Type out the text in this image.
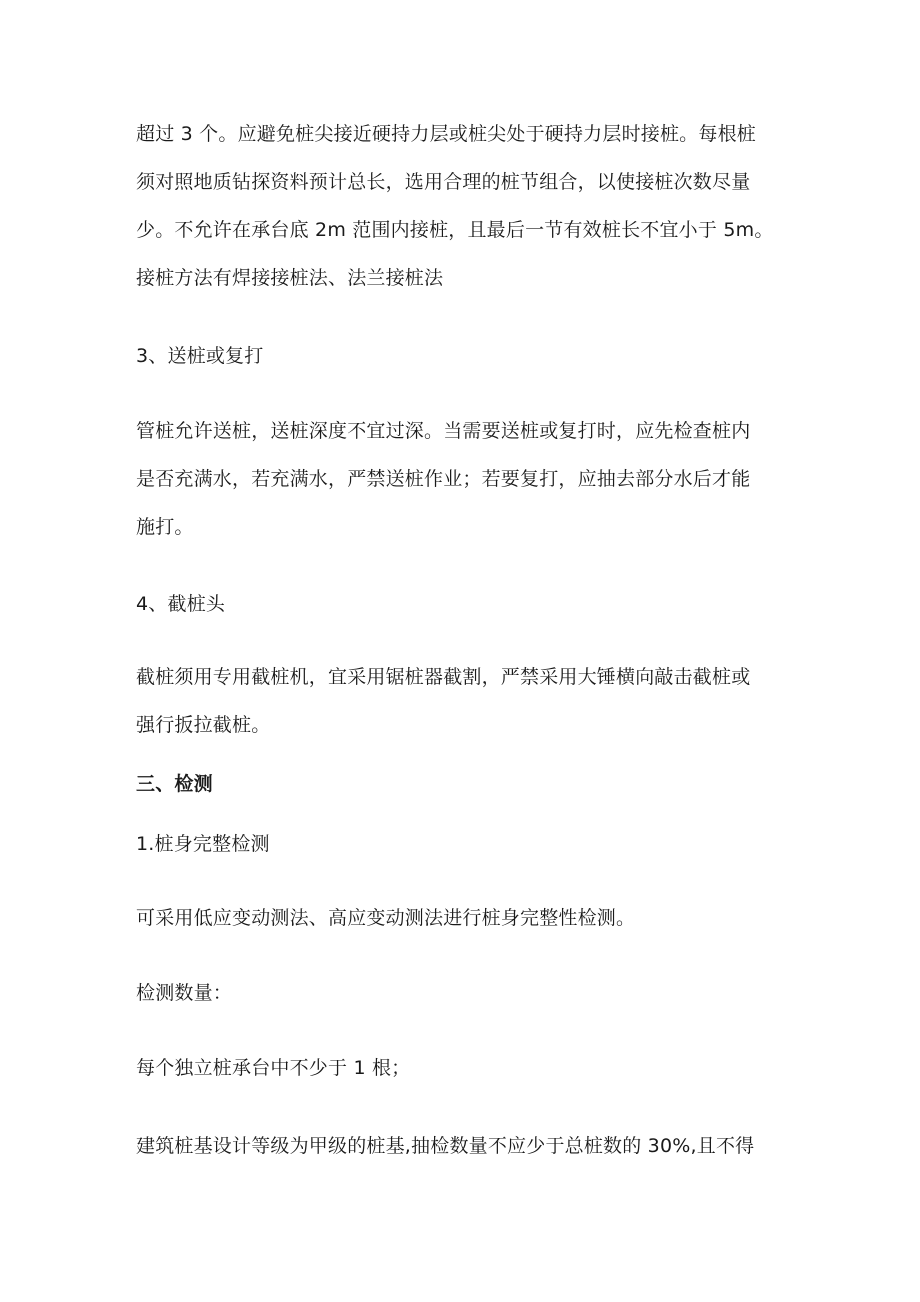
超过 3 个。应避免桩尖接近硬持力层或桩尖处于硬持力层时接桩。每根桩
须对照地质钻探资料预计总长，选用合理的桩节组合，以使接桩次数尽量
少。不允许在承台底 2m 范围内接桩，且最后一节有效桩长不宜小于 5m。
接桩方法有焊接接桩法、法兰接桩法
3、送桩或复打
管桩允许送桩，送桩深度不宜过深。当需要送桩或复打时，应先检查桩内
是否充满水，若充满水，严禁送桩作业；若要复打，应抽去部分水后才能
施打。
4、截桩头
截桩须用专用截桩机，宜采用锯桩器截割，严禁采用大锤横向敲击截桩或
强行扳拉截桩。
三、检测
1.桩身完整检测
可采用低应变动测法、高应变动测法进行桩身完整性检测。
检测数量：
每个独立桩承台中不少于 1 根；
建筑桩基设计等级为甲级的桩基,抽检数量不应少于总桩数的 30%,且不得
